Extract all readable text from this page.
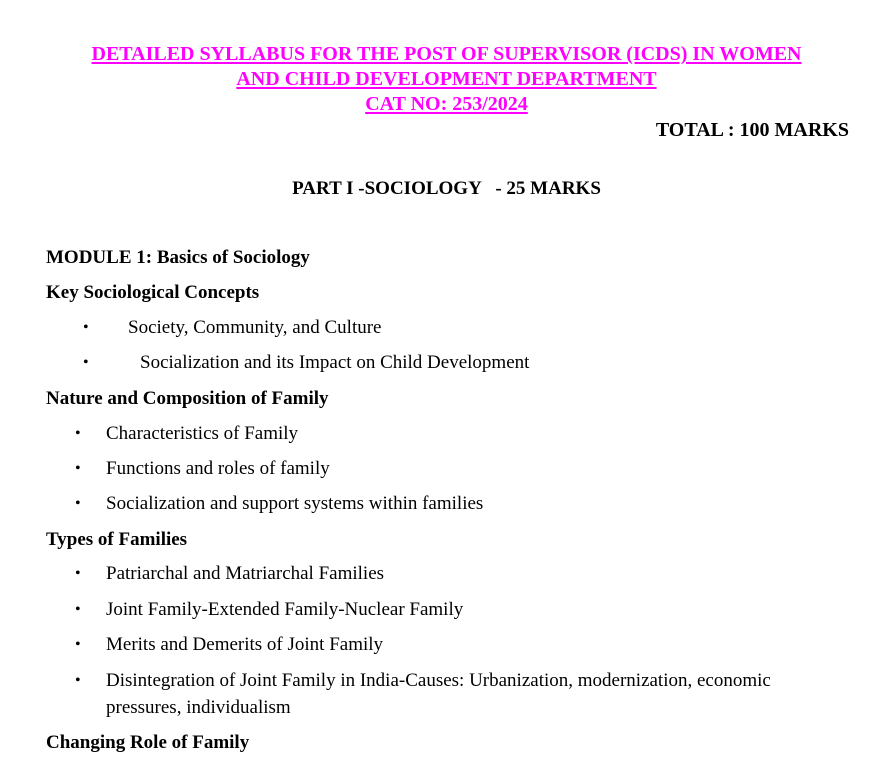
DETAILED SYLLABUS FOR THE POST OF SUPERVISOR (ICDS) IN WOMEN
AND CHILD DEVELOPMENT DEPARTMENT
CAT NO: 253/2024
TOTAL : 100 MARKS
PART I -SOCIOLOGY   - 25 MARKS
MODULE 1: Basics of Sociology
Key Sociological Concepts
• Society, Community, and Culture
•	Socialization and its Impact on Child Development
Nature and Composition of Family
• Characteristics of Family
• Functions and roles of family
• Socialization and support systems within families
Types of Families
• Patriarchal and Matriarchal Families
• Joint Family-Extended Family-Nuclear Family
• Merits and Demerits of Joint Family
• Disintegration of Joint Family in India-Causes: Urbanization, modernization, economic
pressures, individualism
Changing Role of Family
